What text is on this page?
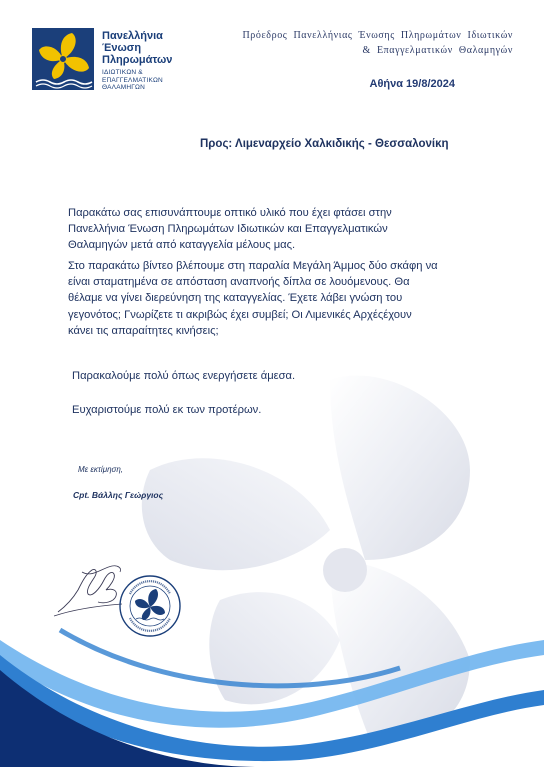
Πανελλήνια
Ένωση
Πληρωμάτων
ΙΔΙΩΤΙΚΩΝ &
ΕΠΑΓΓΕΛΜΑΤΙΚΩΝ
ΘΑΛΑΜΗΓΩΝ
Πρόεδρος Πανελλήνιας Ένωσης Πληρωμάτων Ιδιωτικών
& Επαγγελματικών Θαλαμηγών
Αθήνα 19/8/2024
Προς: Λιμεναρχείο Χαλκιδικής - Θεσσαλονίκη
Παρακάτω σας επισυνάπτουμε οπτικό υλικό που έχει φτάσει στην
Πανελλήνια Ένωση Πληρωμάτων Ιδιωτικών και Επαγγελματικών
Θαλαμηγών μετά από καταγγελία μέλους μας.
Στο παρακάτω βίντεο βλέπουμε στη παραλία Μεγάλη Άμμος δύο σκάφη να
είναι σταματημένα σε απόσταση αναπνοής δίπλα σε λουόμενους. Θα
θέλαμε να γίνει διερεύνηση της καταγγελίας. Έχετε λάβει γνώση του
γεγονότος; Γνωρίζετε τι ακριβώς έχει συμβεί; Οι Λιμενικές Αρχέςέχουν
κάνει τις απαραίτητες κινήσεις;
Παρακαλούμε πολύ όπως ενεργήσετε άμεσα.
Ευχαριστούμε πολύ εκ των προτέρων.
Με εκτίμηση,
Cpt. Βάλλης Γεώργιος
